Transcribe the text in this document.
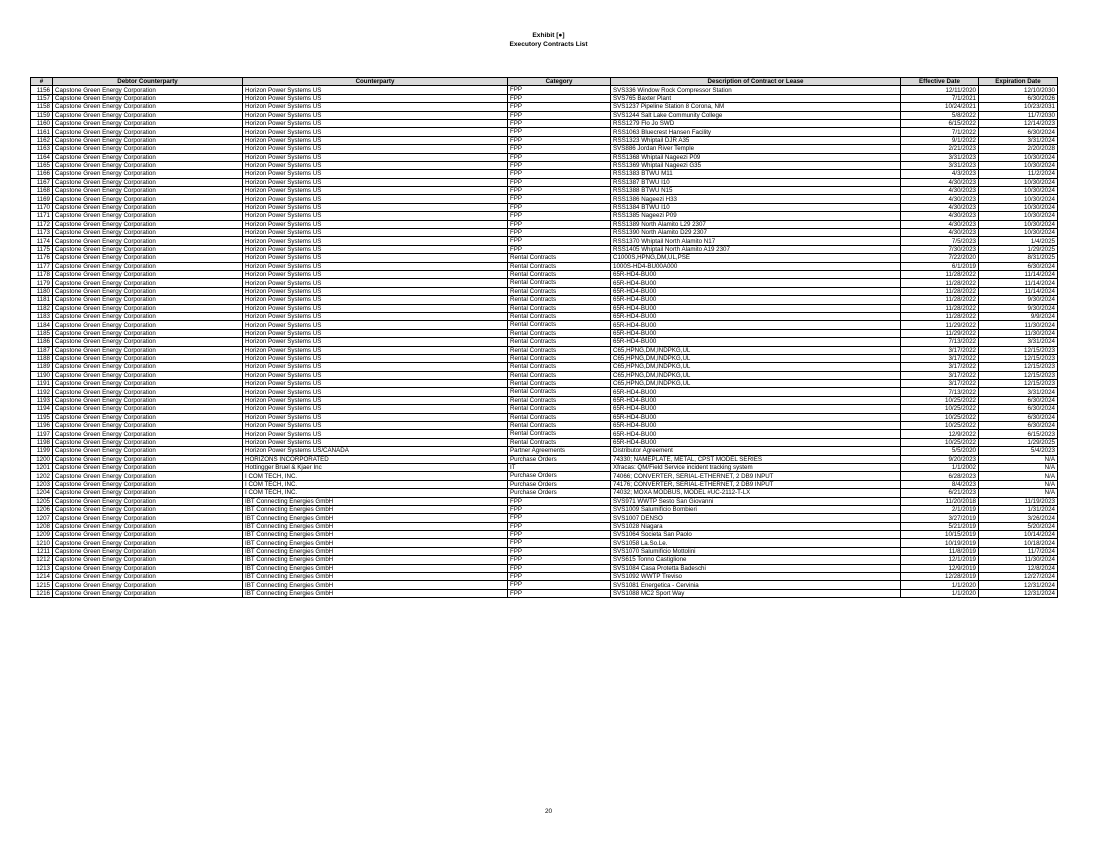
Exhibit [●]
Executory Contracts List
#	Debtor Counterparty	Counterparty	Category	Description of Contract or Lease	Effective Date	Expiration Date
1156	Capstone Green Energy Corporation	Horizon Power Systems US	FPP	SVS336 Window Rock Compressor Station	12/11/2020	12/10/2030
1157	Capstone Green Energy Corporation	Horizon Power Systems US	FPP	SVS765 Baxter Plant	7/1/2021	6/30/2026
1158	Capstone Green Energy Corporation	Horizon Power Systems US	FPP	SVS1237 Pipeline Station 8 Corona, NM	10/24/2021	10/23/2031
1159	Capstone Green Energy Corporation	Horizon Power Systems US	FPP	SVS1244 Salt Lake Community College	5/8/2022	11/7/2030
1160	Capstone Green Energy Corporation	Horizon Power Systems US	FPP	RSS1279 Flo Jo SWD	6/15/2022	12/14/2023
1161	Capstone Green Energy Corporation	Horizon Power Systems US	FPP	RSS1063 Bluecrest Hansen Facility	7/1/2022	6/30/2024
1162	Capstone Green Energy Corporation	Horizon Power Systems US	FPP	RSS1323 Whiptail DJR A35	9/1/2022	3/31/2024
1163	Capstone Green Energy Corporation	Horizon Power Systems US	FPP	SVS886 Jordan River Temple	2/21/2023	2/20/2028
1164	Capstone Green Energy Corporation	Horizon Power Systems US	FPP	RSS1368 Whiptail Nageezi P09	3/31/2023	10/30/2024
1165	Capstone Green Energy Corporation	Horizon Power Systems US	FPP	RSS1369 Whiptail Nageezi G35	3/31/2023	10/30/2024
1166	Capstone Green Energy Corporation	Horizon Power Systems US	FPP	RSS1383 BTWU M11	4/3/2023	11/2/2024
1167	Capstone Green Energy Corporation	Horizon Power Systems US	FPP	RSS1387 BTWU I10	4/30/2023	10/30/2024
1168	Capstone Green Energy Corporation	Horizon Power Systems US	FPP	RSS1388 BTWU N15	4/30/2023	10/30/2024
1169	Capstone Green Energy Corporation	Horizon Power Systems US	FPP	RSS1386 Nageezi H33	4/30/2023	10/30/2024
1170	Capstone Green Energy Corporation	Horizon Power Systems US	FPP	RSS1384 BTWU I10	4/30/2023	10/30/2024
1171	Capstone Green Energy Corporation	Horizon Power Systems US	FPP	RSS1385 Nageezi P09	4/30/2023	10/30/2024
1172	Capstone Green Energy Corporation	Horizon Power Systems US	FPP	RSS1389 North Alamito L29 2307	4/30/2023	10/30/2024
1173	Capstone Green Energy Corporation	Horizon Power Systems US	FPP	RSS1390 North Alamito D29 2307	4/30/2023	10/30/2024
1174	Capstone Green Energy Corporation	Horizon Power Systems US	FPP	RSS1370 Whiptail North Alamito N17	7/5/2023	1/4/2025
1175	Capstone Green Energy Corporation	Horizon Power Systems US	FPP	RSS1405 Whiptail North Alamito A19 2307	7/30/2023	1/29/2025
1176	Capstone Green Energy Corporation	Horizon Power Systems US	Rental Contracts	C1000S,HPNG,DM,UL,PSE	7/22/2020	8/31/2025
1177	Capstone Green Energy Corporation	Horizon Power Systems US	Rental Contracts	1000S-HD4-BU00A000	6/1/2019	6/30/2024
1178	Capstone Green Energy Corporation	Horizon Power Systems US	Rental Contracts	65R-HD4-BU00	11/28/2022	11/14/2024
1179	Capstone Green Energy Corporation	Horizon Power Systems US	Rental Contracts	65R-HD4-BU00	11/28/2022	11/14/2024
1180	Capstone Green Energy Corporation	Horizon Power Systems US	Rental Contracts	65R-HD4-BU00	11/28/2022	11/14/2024
1181	Capstone Green Energy Corporation	Horizon Power Systems US	Rental Contracts	65R-HD4-BU00	11/28/2022	9/30/2024
1182	Capstone Green Energy Corporation	Horizon Power Systems US	Rental Contracts	65R-HD4-BU00	11/28/2022	9/30/2024
1183	Capstone Green Energy Corporation	Horizon Power Systems US	Rental Contracts	65R-HD4-BU00	11/28/2022	9/9/2024
1184	Capstone Green Energy Corporation	Horizon Power Systems US	Rental Contracts	65R-HD4-BU00	11/29/2022	11/30/2024
1185	Capstone Green Energy Corporation	Horizon Power Systems US	Rental Contracts	65R-HD4-BU00	11/29/2022	11/30/2024
1186	Capstone Green Energy Corporation	Horizon Power Systems US	Rental Contracts	65R-HD4-BU00	7/13/2022	3/31/2024
1187	Capstone Green Energy Corporation	Horizon Power Systems US	Rental Contracts	C65,HPNG,DM,INDPKG,UL	3/17/2022	12/15/2023
1188	Capstone Green Energy Corporation	Horizon Power Systems US	Rental Contracts	C65,HPNG,DM,INDPKG,UL	3/17/2022	12/15/2023
1189	Capstone Green Energy Corporation	Horizon Power Systems US	Rental Contracts	C65,HPNG,DM,INDPKG,UL	3/17/2022	12/15/2023
1190	Capstone Green Energy Corporation	Horizon Power Systems US	Rental Contracts	C65,HPNG,DM,INDPKG,UL	3/17/2022	12/15/2023
1191	Capstone Green Energy Corporation	Horizon Power Systems US	Rental Contracts	C65,HPNG,DM,INDPKG,UL	3/17/2022	12/15/2023
1192	Capstone Green Energy Corporation	Horizon Power Systems US	Rental Contracts	65R-HD4-BU00	7/13/2022	3/31/2024
1193	Capstone Green Energy Corporation	Horizon Power Systems US	Rental Contracts	65R-HD4-BU00	10/25/2022	6/30/2024
1194	Capstone Green Energy Corporation	Horizon Power Systems US	Rental Contracts	65R-HD4-BU00	10/25/2022	6/30/2024
1195	Capstone Green Energy Corporation	Horizon Power Systems US	Rental Contracts	65R-HD4-BU00	10/25/2022	6/30/2024
1196	Capstone Green Energy Corporation	Horizon Power Systems US	Rental Contracts	65R-HD4-BU00	10/25/2022	6/30/2024
1197	Capstone Green Energy Corporation	Horizon Power Systems US	Rental Contracts	65R-HD4-BU00	12/9/2022	6/15/2023
1198	Capstone Green Energy Corporation	Horizon Power Systems US	Rental Contracts	65R-HD4-BU00	10/25/2022	1/29/2025
1199	Capstone Green Energy Corporation	Horizon Power Systems US/CANADA	Partner Agreements	Distributor Agreement	5/5/2020	5/4/2023
1200	Capstone Green Energy Corporation	HORIZONS INCORPORATED	Purchase Orders	74330; NAMEPLATE, METAL, CPST MODEL SERIES	9/20/2023	N/A
1201	Capstone Green Energy Corporation	Hottingger Bruel & Kjaer Inc	IT	Xfracas: QM/Field Service incident tracking system	1/1/2002	N/A
1202	Capstone Green Energy Corporation	I COM TECH, INC.	Purchase Orders	74066; CONVERTER, SERIAL-ETHERNET, 2 DB9 INPUT	6/28/2023	N/A
1203	Capstone Green Energy Corporation	I COM TECH, INC.	Purchase Orders	74176; CONVERTER, SERIAL-ETHERNET, 2 DB9 INPUT	8/4/2023	N/A
1204	Capstone Green Energy Corporation	I COM TECH, INC.	Purchase Orders	74032; MOXA MODBUS, MODEL #UC-2112-T-LX	6/21/2023	N/A
1205	Capstone Green Energy Corporation	IBT Connecting Energies GmbH	FPP	SVS971 WWTP Sesto San Giovanni	11/20/2018	11/19/2023
1206	Capstone Green Energy Corporation	IBT Connecting Energies GmbH	FPP	SVS1009 Salumificio Bombieri	2/1/2019	1/31/2024
1207	Capstone Green Energy Corporation	IBT Connecting Energies GmbH	FPP	SVS1007 DENSO	3/27/2019	3/26/2024
1208	Capstone Green Energy Corporation	IBT Connecting Energies GmbH	FPP	SVS1028 Niagara	5/21/2019	5/20/2024
1209	Capstone Green Energy Corporation	IBT Connecting Energies GmbH	FPP	SVS1064 Societa San Paolo	10/15/2019	10/14/2024
1210	Capstone Green Energy Corporation	IBT Connecting Energies GmbH	FPP	SVS1058 La.So.Le.	10/19/2019	10/18/2024
1211	Capstone Green Energy Corporation	IBT Connecting Energies GmbH	FPP	SVS1070 Salumificio Mottolini	11/8/2019	11/7/2024
1212	Capstone Green Energy Corporation	IBT Connecting Energies GmbH	FPP	SVS615 Tonno Castiglione	12/1/2019	11/30/2024
1213	Capstone Green Energy Corporation	IBT Connecting Energies GmbH	FPP	SVS1084 Casa Protetta Badeschi	12/9/2019	12/8/2024
1214	Capstone Green Energy Corporation	IBT Connecting Energies GmbH	FPP	SVS1092 WWTP Treviso	12/28/2019	12/27/2024
1215	Capstone Green Energy Corporation	IBT Connecting Energies GmbH	FPP	SVS1081 Energetica - Cervinia	1/1/2020	12/31/2024
1216	Capstone Green Energy Corporation	IBT Connecting Energies GmbH	FPP	SVS1088 MC2 Sport Way	1/1/2020	12/31/2024
20
